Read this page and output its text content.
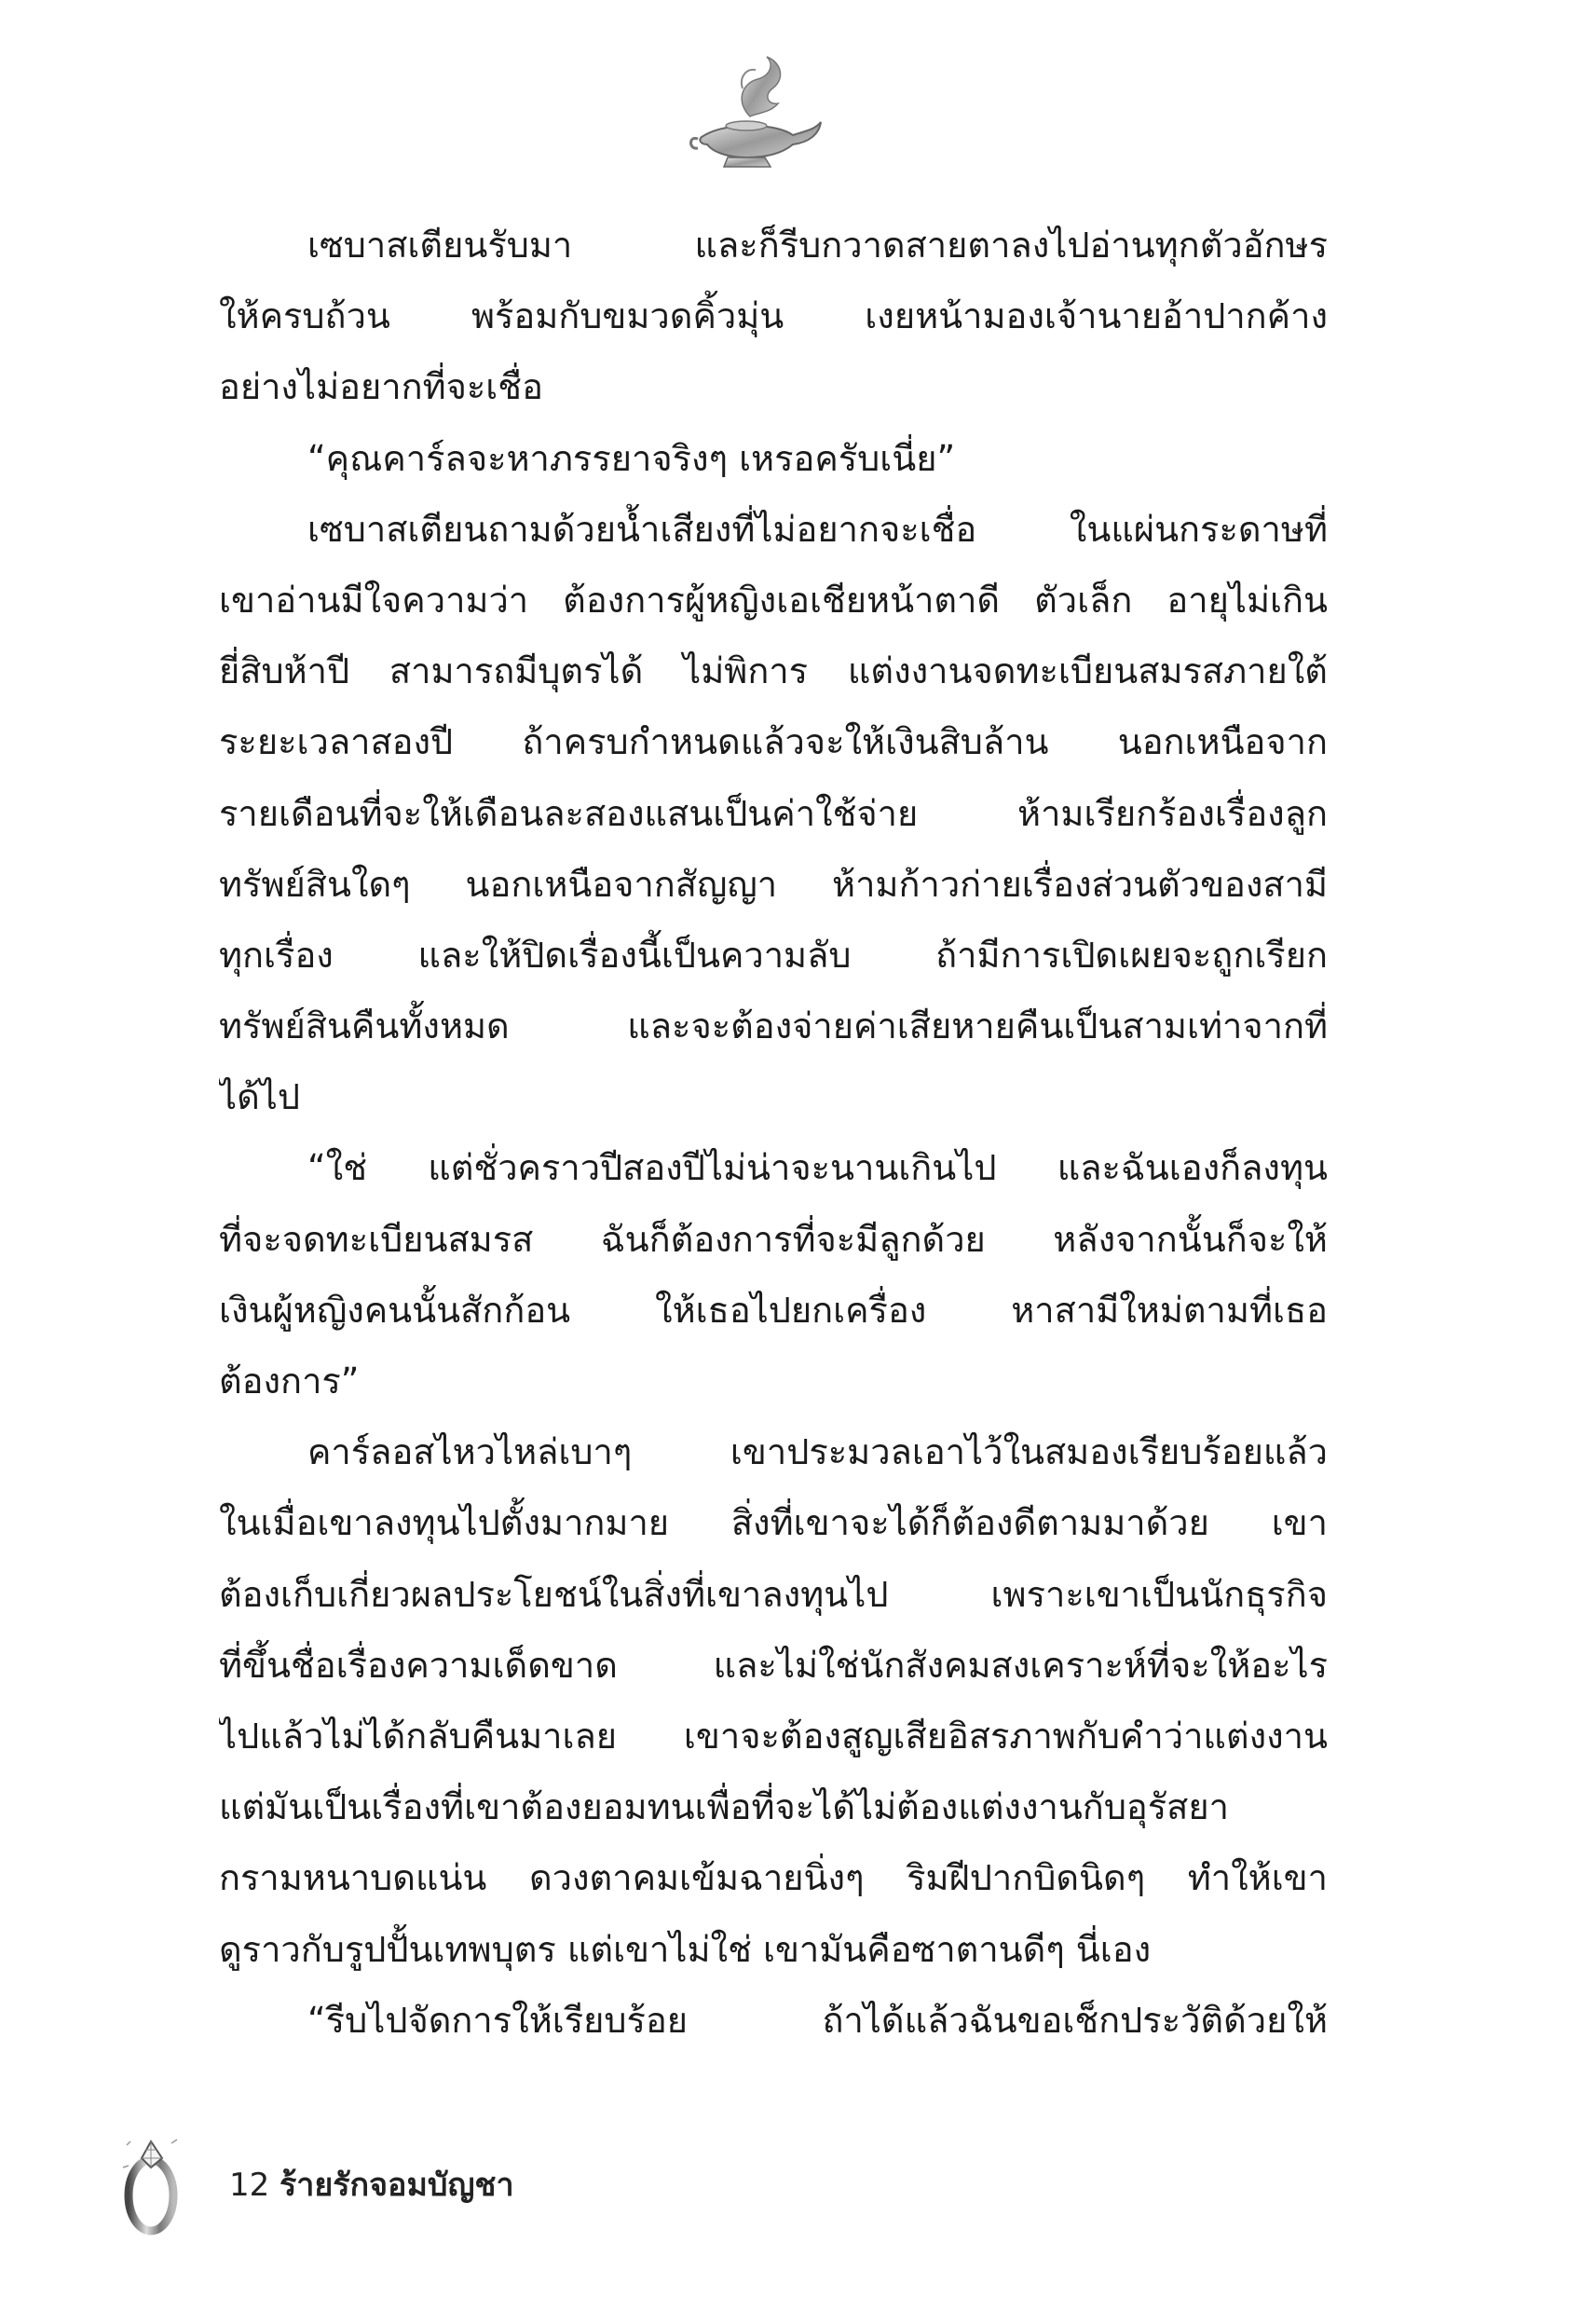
เซบาสเตียนรับมา และก็รีบกวาดสายตาลงไปอ่านทุกตัวอักษร
ให้ครบถ้วน พร้อมกับขมวดคิ้วมุ่น เงยหน้ามองเจ้านายอ้าปากค้าง
อย่างไม่อยากที่จะเชื่อ
“คุณคาร์ลจะหาภรรยาจริงๆ เหรอครับเนี่ย”
เซบาสเตียนถามด้วยน้ำเสียงที่ไม่อยากจะเชื่อ ในแผ่นกระดาษที่
เขาอ่านมีใจความว่า ต้องการผู้หญิงเอเชียหน้าตาดี ตัวเล็ก อายุไม่เกิน
ยี่สิบห้าปี สามารถมีบุตรได้ ไม่พิการ แต่งงานจดทะเบียนสมรสภายใต้
ระยะเวลาสองปี ถ้าครบกำหนดแล้วจะให้เงินสิบล้าน นอกเหนือจาก
รายเดือนที่จะให้เดือนละสองแสนเป็นค่าใช้จ่าย ห้ามเรียกร้องเรื่องลูก
ทรัพย์สินใดๆ นอกเหนือจากสัญญา ห้ามก้าวก่ายเรื่องส่วนตัวของสามี
ทุกเรื่อง และให้ปิดเรื่องนี้เป็นความลับ ถ้ามีการเปิดเผยจะถูกเรียก
ทรัพย์สินคืนทั้งหมด และจะต้องจ่ายค่าเสียหายคืนเป็นสามเท่าจากที่
ได้ไป
“ใช่ แต่ชั่วคราวปีสองปีไม่น่าจะนานเกินไป และฉันเองก็ลงทุน
ที่จะจดทะเบียนสมรส ฉันก็ต้องการที่จะมีลูกด้วย หลังจากนั้นก็จะให้
เงินผู้หญิงคนนั้นสักก้อน ให้เธอไปยกเครื่อง หาสามีใหม่ตามที่เธอ
ต้องการ”
คาร์ลอสไหวไหล่เบาๆ เขาประมวลเอาไว้ในสมองเรียบร้อยแล้ว
ในเมื่อเขาลงทุนไปตั้งมากมาย สิ่งที่เขาจะได้ก็ต้องดีตามมาด้วย เขา
ต้องเก็บเกี่ยวผลประโยชน์ในสิ่งที่เขาลงทุนไป เพราะเขาเป็นนักธุรกิจ
ที่ขึ้นชื่อเรื่องความเด็ดขาด และไม่ใช่นักสังคมสงเคราะห์ที่จะให้อะไร
ไปแล้วไม่ได้กลับคืนมาเลย เขาจะต้องสูญเสียอิสรภาพกับคำว่าแต่งงาน
แต่มันเป็นเรื่องที่เขาต้องยอมทนเพื่อที่จะได้ไม่ต้องแต่งงานกับอุรัสยา
กรามหนาบดแน่น ดวงตาคมเข้มฉายนิ่งๆ ริมฝีปากบิดนิดๆ ทำให้เขา
ดูราวกับรูปปั้นเทพบุตร แต่เขาไม่ใช่ เขามันคือซาตานดีๆ นี่เอง
“รีบไปจัดการให้เรียบร้อย ถ้าได้แล้วฉันขอเช็กประวัติด้วยให้
12 ร้ายรักจอมบัญชา
